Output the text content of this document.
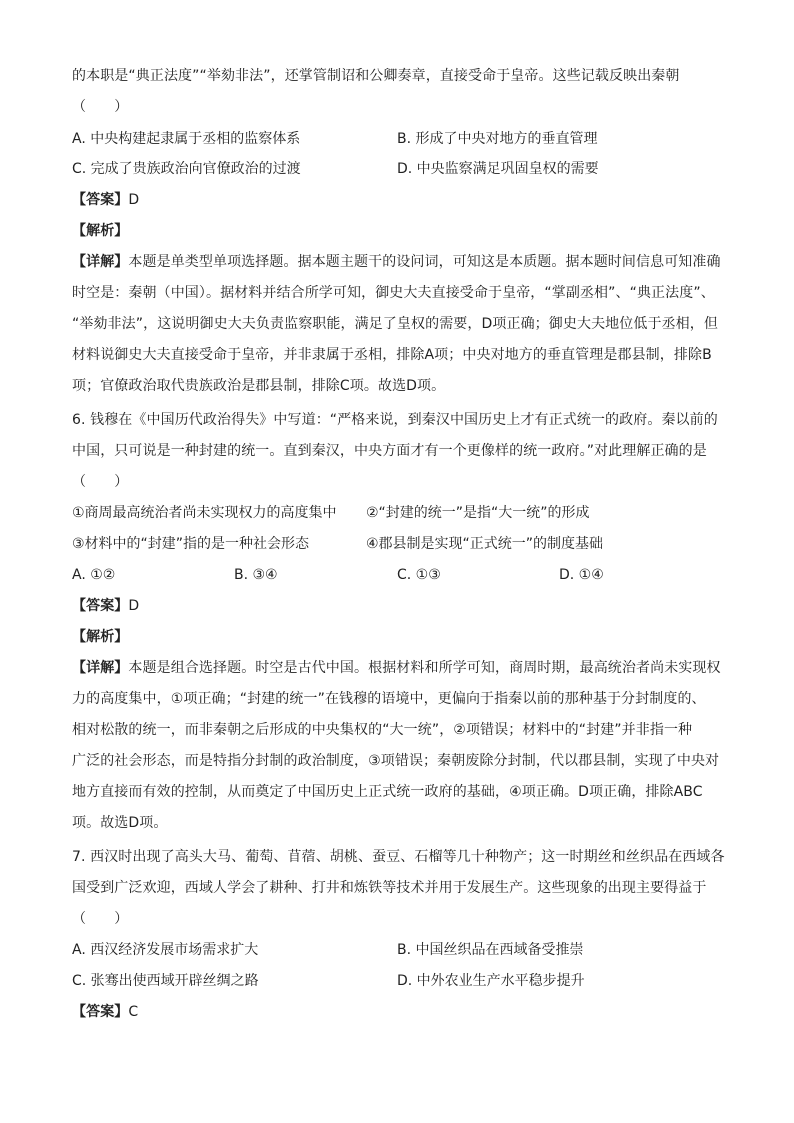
的本职是“典正法度”“举劾非法”，还掌管制诏和公卿奏章，直接受命于皇帝。这些记载反映出秦朝
（　　）
A. 中央构建起隶属于丞相的监察体系	B. 形成了中央对地方的垂直管理
C. 完成了贵族政治向官僚政治的过渡	D. 中央监察满足巩固皇权的需要
【答案】D
【解析】
【详解】本题是单类型单项选择题。据本题主题干的设问词，可知这是本质题。据本题时间信息可知准确
时空是：秦朝（中国）。据材料并结合所学可知，御史大夫直接受命于皇帝，“掌副丞相”、“典正法度”、
“举劾非法”，这说明御史大夫负责监察职能，满足了皇权的需要，D项正确；御史大夫地位低于丞相，但
材料说御史大夫直接受命于皇帝，并非隶属于丞相，排除A项；中央对地方的垂直管理是郡县制，排除B
项；官僚政治取代贵族政治是郡县制，排除C项。故选D项。
6. 钱穆在《中国历代政治得失》中写道：“严格来说，到秦汉中国历史上才有正式统一的政府。秦以前的
中国，只可说是一种封建的统一。直到秦汉，中央方面才有一个更像样的统一政府。”对此理解正确的是
（　　）
①商周最高统治者尚未实现权力的高度集中 ②“封建的统一”是指“大一统”的形成
③材料中的“封建”指的是一种社会形态	④郡县制是实现“正式统一”的制度基础
A. ①②	B. ③④	C. ①③	D. ①④
【答案】D
【解析】
【详解】本题是组合选择题。时空是古代中国。根据材料和所学可知，商周时期，最高统治者尚未实现权
力的高度集中，①项正确；“封建的统一”在钱穆的语境中，更偏向于指秦以前的那种基于分封制度的、
相对松散的统一，而非秦朝之后形成的中央集权的“大一统”，②项错误；材料中的“封建”并非指一种
广泛的社会形态，而是特指分封制的政治制度，③项错误；秦朝废除分封制，代以郡县制，实现了中央对
地方直接而有效的控制，从而奠定了中国历史上正式统一政府的基础，④项正确。D项正确，排除ABC
项。故选D项。
7. 西汉时出现了高头大马、葡萄、苜蓿、胡桃、蚕豆、石榴等几十种物产；这一时期丝和丝织品在西域各
国受到广泛欢迎，西域人学会了耕种、打井和炼铁等技术并用于发展生产。这些现象的出现主要得益于
（　　）
A. 西汉经济发展市场需求扩大	B. 中国丝织品在西域备受推崇
C. 张骞出使西域开辟丝绸之路	D. 中外农业生产水平稳步提升
【答案】C
